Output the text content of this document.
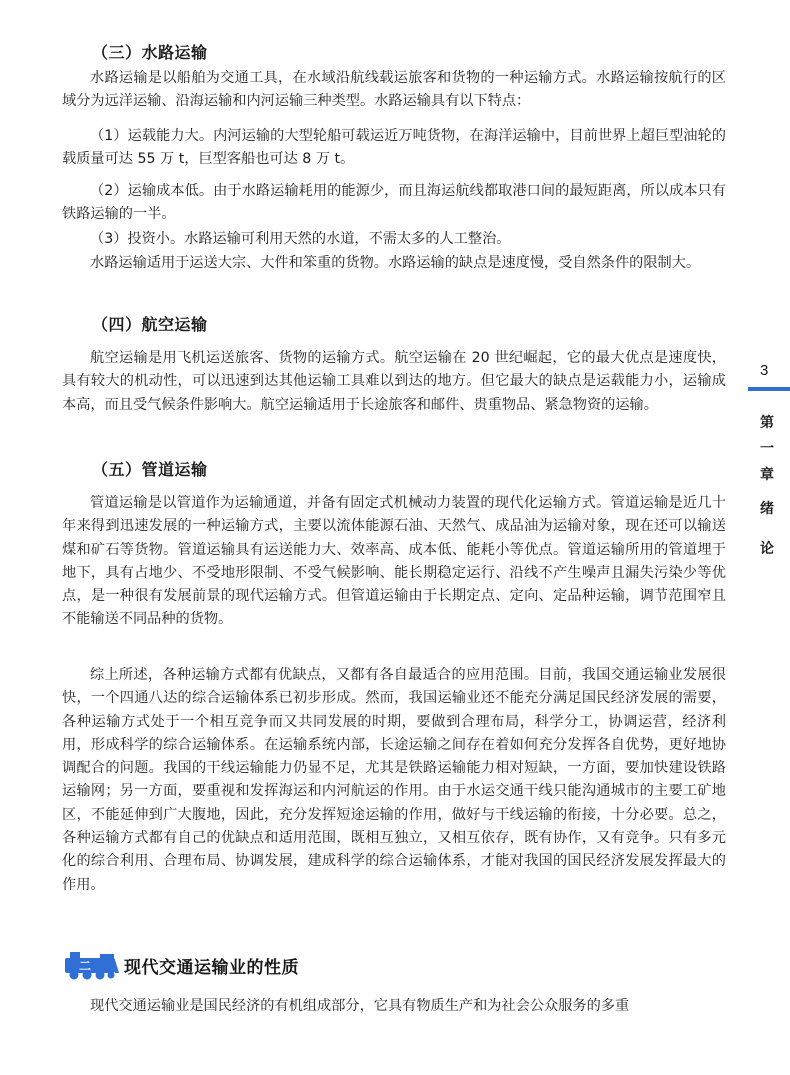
（三）水路运输

水路运输是以船舶为交通工具，在水域沿航线载运旅客和货物的一种运输方式。水路运输按航行的区域分为远洋运输、沿海运输和内河运输三种类型。水路运输具有以下特点：

（1）运载能力大。内河运输的大型轮船可载运近万吨货物，在海洋运输中，目前世界上超巨型油轮的载质量可达 55 万 t，巨型客船也可达 8 万 t。

（2）运输成本低。由于水路运输耗用的能源少，而且海运航线都取港口间的最短距离，所以成本只有铁路运输的一半。

（3）投资小。水路运输可利用天然的水道，不需太多的人工整治。

水路运输适用于运送大宗、大件和笨重的货物。水路运输的缺点是速度慢，受自然条件的限制大。

（四）航空运输

航空运输是用飞机运送旅客、货物的运输方式。航空运输在 20 世纪崛起，它的最大优点是速度快，具有较大的机动性，可以迅速到达其他运输工具难以到达的地方。但它最大的缺点是运载能力小，运输成本高，而且受气候条件影响大。航空运输适用于长途旅客和邮件、贵重物品、紧急物资的运输。

（五）管道运输

管道运输是以管道作为运输通道，并备有固定式机械动力装置的现代化运输方式。管道运输是近几十年来得到迅速发展的一种运输方式，主要以流体能源石油、天然气、成品油为运输对象，现在还可以输送煤和矿石等货物。管道运输具有运送能力大、效率高、成本低、能耗小等优点。管道运输所用的管道埋于地下，具有占地少、不受地形限制、不受气候影响、能长期稳定运行、沿线不产生噪声且漏失污染少等优点，是一种很有发展前景的现代运输方式。但管道运输由于长期定点、定向、定品种运输，调节范围窄且不能输送不同品种的货物。

综上所述，各种运输方式都有优缺点，又都有各自最适合的应用范围。目前，我国交通运输业发展很快，一个四通八达的综合运输体系已初步形成。然而，我国运输业还不能充分满足国民经济发展的需要，各种运输方式处于一个相互竞争而又共同发展的时期，要做到合理布局，科学分工，协调运营，经济利用，形成科学的综合运输体系。在运输系统内部，长途运输之间存在着如何充分发挥各自优势，更好地协调配合的问题。我国的干线运输能力仍显不足，尤其是铁路运输能力相对短缺，一方面，要加快建设铁路运输网；另一方面，要重视和发挥海运和内河航运的作用。由于水运交通干线只能沟通城市的主要工矿地区，不能延伸到广大腹地，因此，充分发挥短途运输的作用，做好与干线运输的衔接，十分必要。总之，各种运输方式都有自己的优缺点和适用范围，既相互独立，又相互依存，既有协作，又有竞争。只有多元化的综合利用、合理布局、协调发展，建成科学的综合运输体系，才能对我国的国民经济发展发挥最大的作用。

现代交通运输业是国民经济的有机组成部分，它具有物质生产和为社会公众服务的多重

二 现代交通运输业的性质
3
第
一
章
绪
论
